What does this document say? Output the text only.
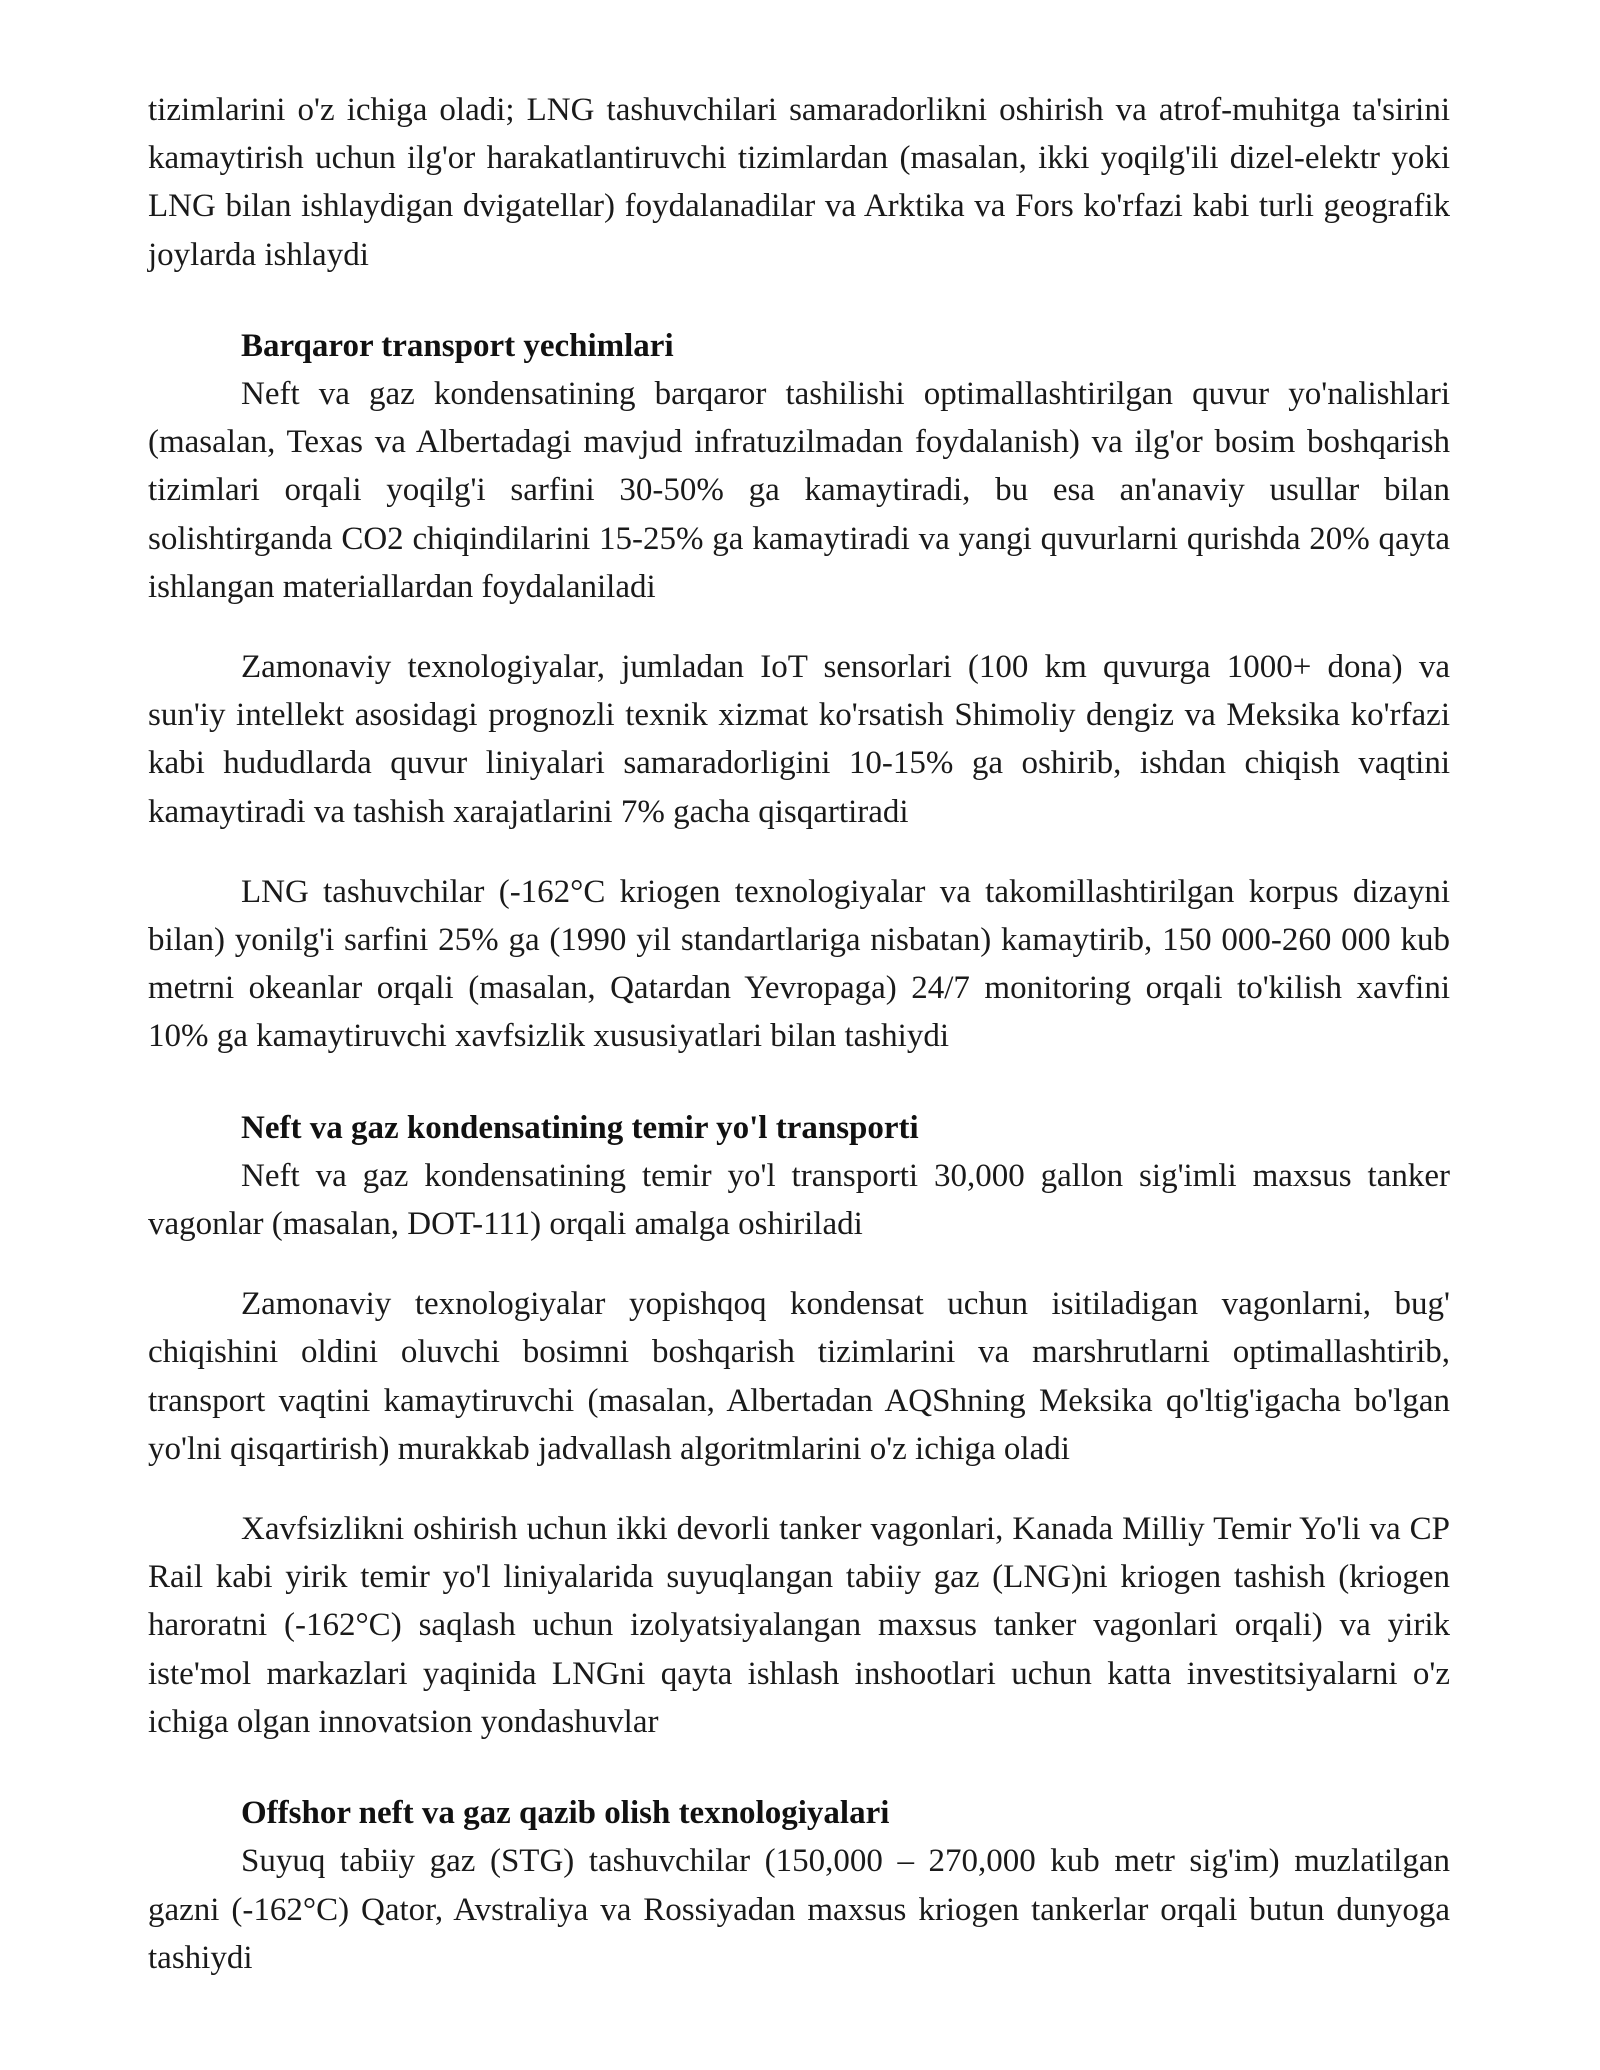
tizimlarini o'z ichiga oladi; LNG tashuvchilari samaradorlikni oshirish va atrof-muhitga ta'sirini kamaytirish uchun ilg'or harakatlantiruvchi tizimlardan (masalan, ikki yoqilg'ili dizel-elektr yoki LNG bilan ishlaydigan dvigatellar) foydalanadilar va Arktika va Fors ko'rfazi kabi turli geografik joylarda ishlaydi

Barqaror transport yechimlari

Neft va gaz kondensatining barqaror tashilishi optimallashtirilgan quvur yo'nalishlari (masalan, Texas va Albertadagi mavjud infratuzilmadan foydalanish) va ilg'or bosim boshqarish tizimlari orqali yoqilg'i sarfini 30-50% ga kamaytiradi, bu esa an'anaviy usullar bilan solishtirganda CO2 chiqindilarini 15-25% ga kamaytiradi va yangi quvurlarni qurishda 20% qayta ishlangan materiallardan foydalaniladi

Zamonaviy texnologiyalar, jumladan IoT sensorlari (100 km quvurga 1000+ dona) va sun'iy intellekt asosidagi prognozli texnik xizmat ko'rsatish Shimoliy dengiz va Meksika ko'rfazi kabi hududlarda quvur liniyalari samaradorligini 10-15% ga oshirib, ishdan chiqish vaqtini kamaytiradi va tashish xarajatlarini 7% gacha qisqartiradi

LNG tashuvchilar (-162°C kriogen texnologiyalar va takomillashtirilgan korpus dizayni bilan) yonilg'i sarfini 25% ga (1990 yil standartlariga nisbatan) kamaytirib, 150 000-260 000 kub metrni okeanlar orqali (masalan, Qatardan Yevropaga) 24/7 monitoring orqali to'kilish xavfini 10% ga kamaytiruvchi xavfsizlik xususiyatlari bilan tashiydi

Neft va gaz kondensatining temir yo'l transporti

Neft va gaz kondensatining temir yo'l transporti 30,000 gallon sig'imli maxsus tanker vagonlar (masalan, DOT-111) orqali amalga oshiriladi

Zamonaviy texnologiyalar yopishqoq kondensat uchun isitiladigan vagonlarni, bug' chiqishini oldini oluvchi bosimni boshqarish tizimlarini va marshrutlarni optimallashtirib, transport vaqtini kamaytiruvchi (masalan, Albertadan AQShning Meksika qo'ltig'igacha bo'lgan yo'lni qisqartirish) murakkab jadvallash algoritmlarini o'z ichiga oladi

Xavfsizlikni oshirish uchun ikki devorli tanker vagonlari, Kanada Milliy Temir Yo'li va CP Rail kabi yirik temir yo'l liniyalarida suyuqlangan tabiiy gaz (LNG)ni kriogen tashish (kriogen haroratni (-162°C) saqlash uchun izolyatsiyalangan maxsus tanker vagonlari orqali) va yirik iste'mol markazlari yaqinida LNGni qayta ishlash inshootlari uchun katta investitsiyalarni o'z ichiga olgan innovatsion yondashuvlar

Offshor neft va gaz qazib olish texnologiyalari

Suyuq tabiiy gaz (STG) tashuvchilar (150,000 – 270,000 kub metr sig'im) muzlatilgan gazni (-162°C) Qator, Avstraliya va Rossiyadan maxsus kriogen tankerlar orqali butun dunyoga tashiydi
